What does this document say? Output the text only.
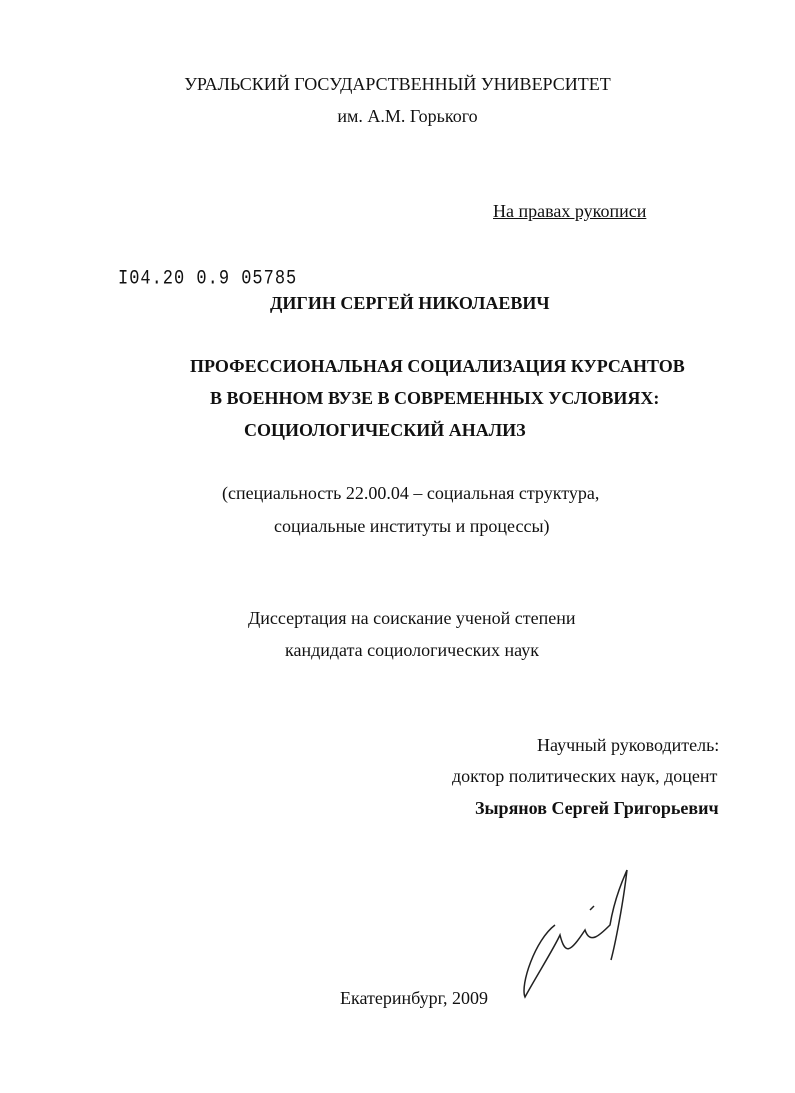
УРАЛЬСКИЙ ГОСУДАРСТВЕННЫЙ УНИВЕРСИТЕТ
им. А.М. Горького
На правах рукописи
I04.20 0.9 05785
ДИГИН СЕРГЕЙ НИКОЛАЕВИЧ
ПРОФЕССИОНАЛЬНАЯ СОЦИАЛИЗАЦИЯ КУРСАНТОВ
В ВОЕННОМ ВУЗЕ В СОВРЕМЕННЫХ УСЛОВИЯХ:
СОЦИОЛОГИЧЕСКИЙ АНАЛИЗ
(специальность 22.00.04 – социальная структура,
социальные институты и процессы)
Диссертация на соискание ученой степени
кандидата социологических наук
Научный руководитель:
доктор политических наук, доцент
Зырянов Сергей Григорьевич
Екатеринбург, 2009
